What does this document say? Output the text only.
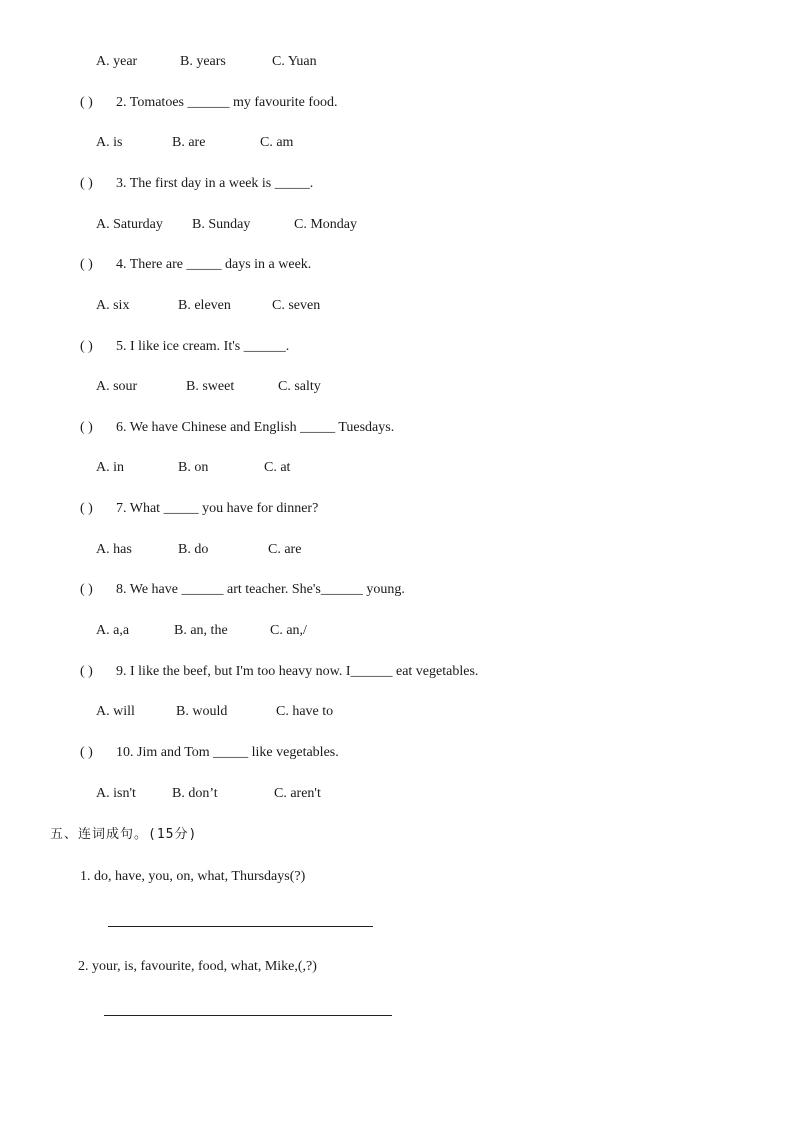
A. year	B. years	C. Yuan
( ) 2. Tomatoes ______ my favourite food.
A. is	B. are	C. am
( ) 3. The first day in a week is _____.
A. Saturday B. Sunday	C. Monday
( ) 4. There are _____ days in a week.
A. six	B. eleven	C. seven
( ) 5. I like ice cream. It's ______.
A. sour	B. sweet	C. salty
( ) 6. We have Chinese and English _____ Tuesdays.
A. in	B. on	C. at
( ) 7. What _____ you have for dinner?
A. has	B. do	C. are
( ) 8. We have ______ art teacher. She's______ young.
A. a,a	B. an, the	C. an,/
( ) 9. I like the beef, but I'm too heavy now. I______ eat vegetables.
A. will	B. would	C. have to
( ) 10. Jim and Tom _____ like vegetables.
A. isn't	B. don’t	C. aren't
五、连词成句。(15分)
1. do, have, you, on, what, Thursdays(?)
2. your, is, favourite, food, what, Mike,(,?)
